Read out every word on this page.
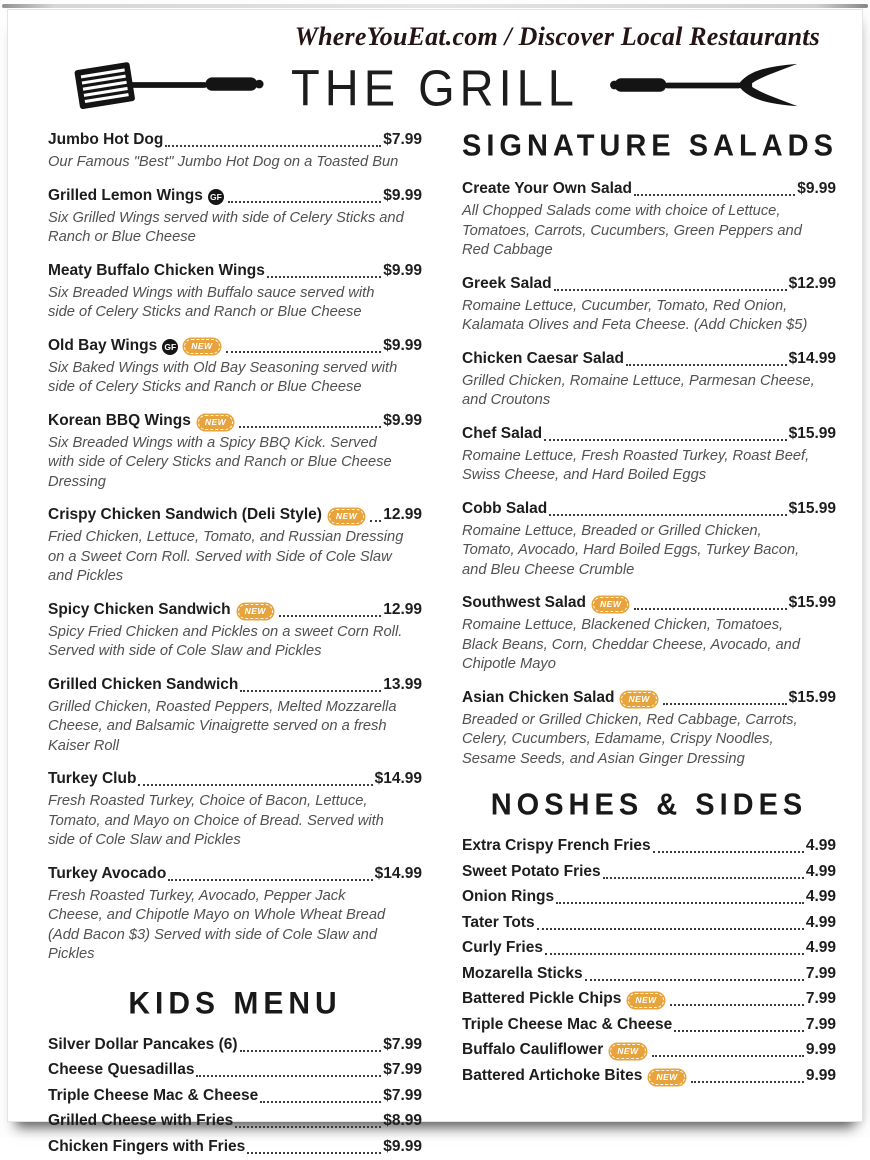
WhereYouEat.com / Discover Local Restaurants
THE GRILL
Jumbo Hot Dog	$7.99
Our Famous "Best" Jumbo Hot Dog on a Toasted Bun
Grilled Lemon Wings GF	$9.99
Six Grilled Wings served with side of Celery Sticks and Ranch or Blue Cheese
Meaty Buffalo Chicken Wings	$9.99
Six Breaded Wings with Buffalo sauce served with side of Celery Sticks and Ranch or Blue Cheese
Old Bay Wings GF	NEW	$9.99
Six Baked Wings with Old Bay Seasoning served with side of Celery Sticks and Ranch or Blue Cheese
Korean BBQ Wings	NEW	$9.99
Six Breaded Wings with a Spicy BBQ Kick. Served with side of Celery Sticks and Ranch or Blue Cheese Dressing
Crispy Chicken Sandwich (Deli Style)	NEW	12.99
Fried Chicken, Lettuce, Tomato, and Russian Dressing on a Sweet Corn Roll. Served with Side of Cole Slaw and Pickles
Spicy Chicken Sandwich	NEW	12.99
Spicy Fried Chicken and Pickles on a sweet Corn Roll. Served with side of Cole Slaw and Pickles
Grilled Chicken Sandwich	13.99
Grilled Chicken, Roasted Peppers, Melted Mozzarella Cheese, and Balsamic Vinaigrette served on a fresh Kaiser Roll
Turkey Club	$14.99
Fresh Roasted Turkey, Choice of Bacon, Lettuce, Tomato, and Mayo on Choice of Bread. Served with side of Cole Slaw and Pickles
Turkey Avocado	$14.99
Fresh Roasted Turkey, Avocado, Pepper Jack Cheese, and Chipotle Mayo on Whole Wheat Bread (Add Bacon $3) Served with side of Cole Slaw and Pickles
KIDS MENU
Silver Dollar Pancakes (6)	$7.99
Cheese Quesadillas	$7.99
Triple Cheese Mac & Cheese	$7.99
Grilled Cheese with Fries	$8.99
Chicken Fingers with Fries	$9.99
SIGNATURE SALADS
Create Your Own Salad	$9.99
All Chopped Salads come with choice of Lettuce, Tomatoes, Carrots, Cucumbers, Green Peppers and Red Cabbage
Greek Salad	$12.99
Romaine Lettuce, Cucumber, Tomato, Red Onion, Kalamata Olives and Feta Cheese. (Add Chicken $5)
Chicken Caesar Salad	$14.99
Grilled Chicken, Romaine Lettuce, Parmesan Cheese, and Croutons
Chef Salad	$15.99
Romaine Lettuce, Fresh Roasted Turkey, Roast Beef, Swiss Cheese, and Hard Boiled Eggs
Cobb Salad	$15.99
Romaine Lettuce, Breaded or Grilled Chicken, Tomato, Avocado, Hard Boiled Eggs, Turkey Bacon, and Bleu Cheese Crumble
Southwest Salad	NEW	$15.99
Romaine Lettuce, Blackened Chicken, Tomatoes, Black Beans, Corn, Cheddar Cheese, Avocado, and Chipotle Mayo
Asian Chicken Salad	NEW	$15.99
Breaded or Grilled Chicken, Red Cabbage, Carrots, Celery, Cucumbers, Edamame, Crispy Noodles, Sesame Seeds, and Asian Ginger Dressing
NOSHES & SIDES
Extra Crispy French Fries	4.99
Sweet Potato Fries	4.99
Onion Rings	4.99
Tater Tots	4.99
Curly Fries	4.99
Mozarella Sticks	7.99
Battered Pickle Chips	NEW	7.99
Triple Cheese Mac & Cheese	7.99
Buffalo Cauliflower	NEW	9.99
Battered Artichoke Bites	NEW	9.99
